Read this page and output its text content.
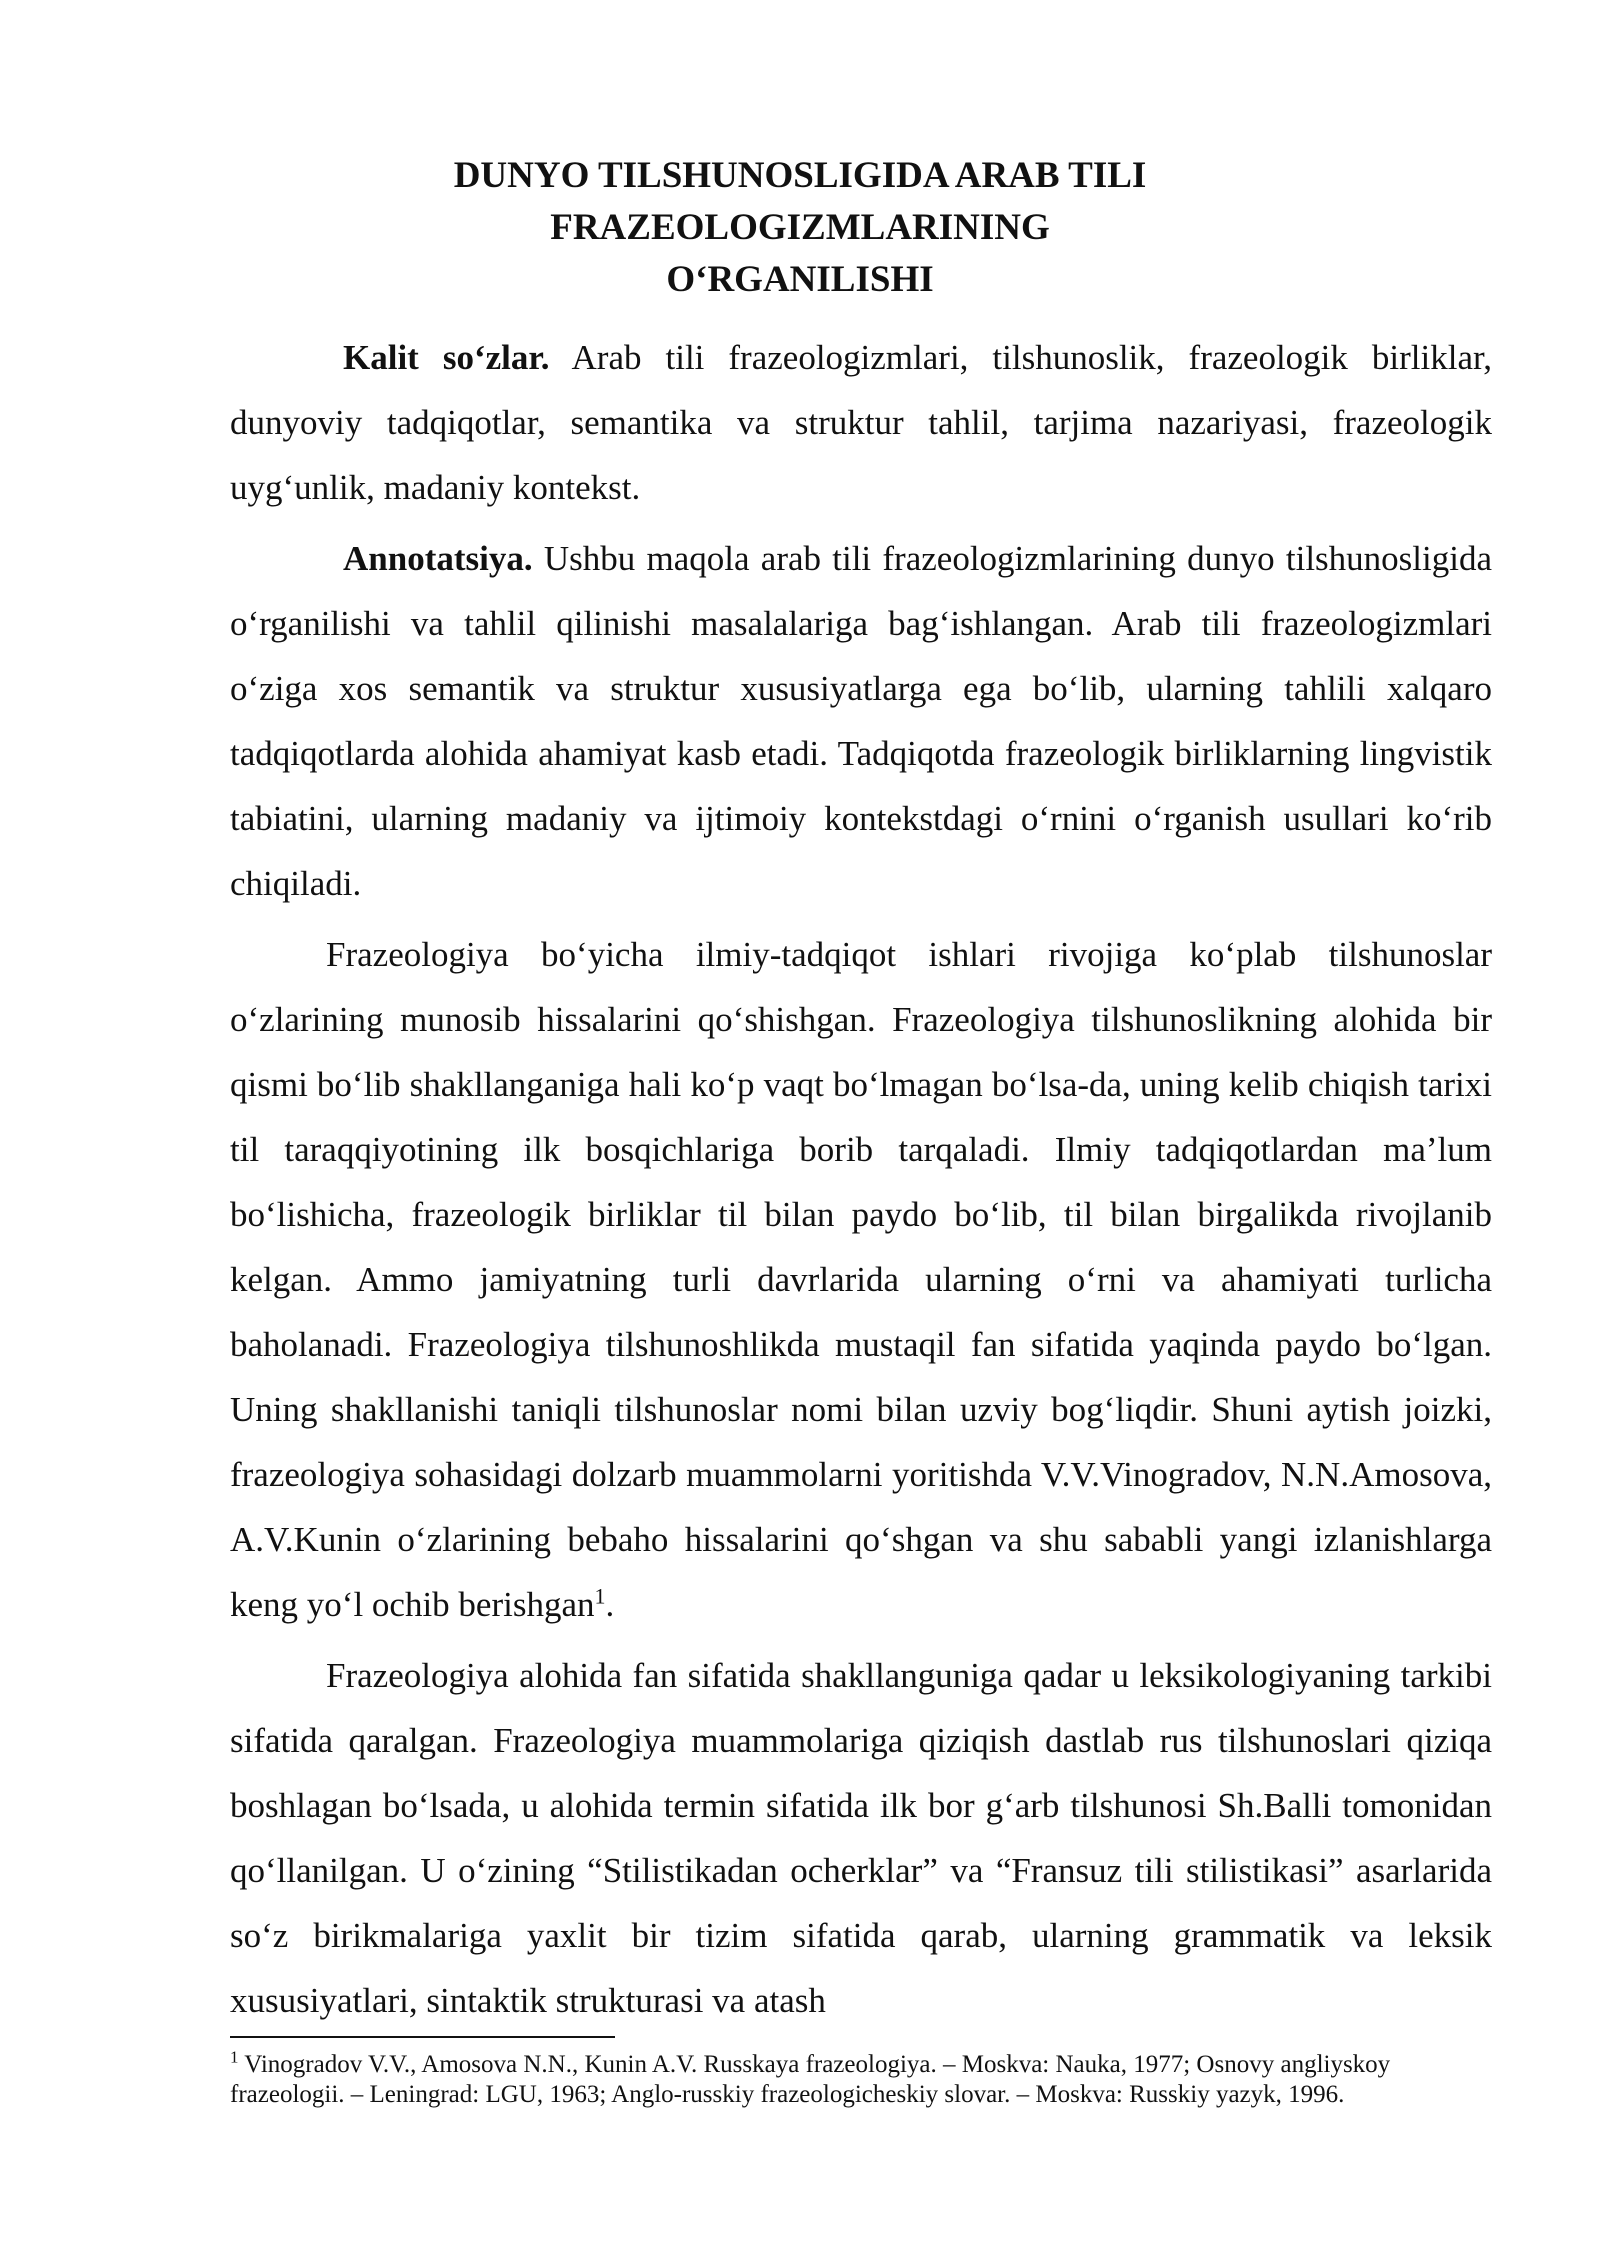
DUNYO TILSHUNOSLIGIDA ARAB TILI FRAZEOLOGIZMLARINING
O‘RGANILISHI

Kalit so‘zlar. Arab tili frazeologizmlari, tilshunoslik, frazeologik birliklar, dunyoviy tadqiqotlar, semantika va struktur tahlil, tarjima nazariyasi, frazeologik uyg‘unlik, madaniy kontekst.

Annotatsiya. Ushbu maqola arab tili frazeologizmlarining dunyo tilshunosligida o‘rganilishi va tahlil qilinishi masalalariga bag‘ishlangan. Arab tili frazeologizmlari o‘ziga xos semantik va struktur xususiyatlarga ega bo‘lib, ularning tahlili xalqaro tadqiqotlarda alohida ahamiyat kasb etadi. Tadqiqotda frazeologik birliklarning lingvistik tabiatini, ularning madaniy va ijtimoiy kontekstdagi o‘rnini o‘rganish usullari ko‘rib chiqiladi.

Frazeologiya bo‘yicha ilmiy-tadqiqot ishlari rivojiga ko‘plab tilshunoslar o‘zlarining munosib hissalarini qo‘shishgan. Frazeologiya tilshunoslikning alohida bir qismi bo‘lib shakllanganiga hali ko‘p vaqt bo‘lmagan bo‘lsa-da, uning kelib chiqish tarixi til taraqqiyotining ilk bosqichlariga borib tarqaladi. Ilmiy tadqiqotlardan ma’lum bo‘lishicha, frazeologik birliklar til bilan paydo bo‘lib, til bilan birgalikda rivojlanib kelgan. Ammo jamiyatning turli davrlarida ularning o‘rni va ahamiyati turlicha baholanadi. Frazeologiya tilshunoshlikda mustaqil fan sifatida yaqinda paydo bo‘lgan. Uning shakllanishi taniqli tilshunoslar nomi bilan uzviy bog‘liqdir. Shuni aytish joizki, frazeologiya sohasidagi dolzarb muammolarni yoritishda V.V.Vinogradov, N.N.Amosova, A.V.Kunin o‘zlarining bebaho hissalarini qo‘shgan va shu sababli yangi izlanishlarga keng yo‘l ochib berishgan$^1$.

Frazeologiya alohida fan sifatida shakllanguniga qadar u leksikologiyaning tarkibi sifatida qaralgan. Frazeologiya muammolariga qiziqish dastlab rus tilshunoslari qiziqa boshlagan bo‘lsada, u alohida termin sifatida ilk bor g‘arb tilshunosi Sh.Balli tomonidan qo‘llanilgan. U o‘zining “Stilistikadan ocherklar” va “Fransuz tili stilistikasi” asarlarida so‘z birikmalariga yaxlit bir tizim sifatida qarab, ularning grammatik va leksik xususiyatlari, sintaktik strukturasi va atash

$^1$ Vinogradov V.V., Amosova N.N., Kunin A.V. Russkaya frazeologiya. – Moskva: Nauka, 1977; Osnovy angliyskoy frazeologii. – Leningrad: LGU, 1963; Anglo-russkiy frazeologicheskiy slovar. – Moskva: Russkiy yazyk, 1996.
